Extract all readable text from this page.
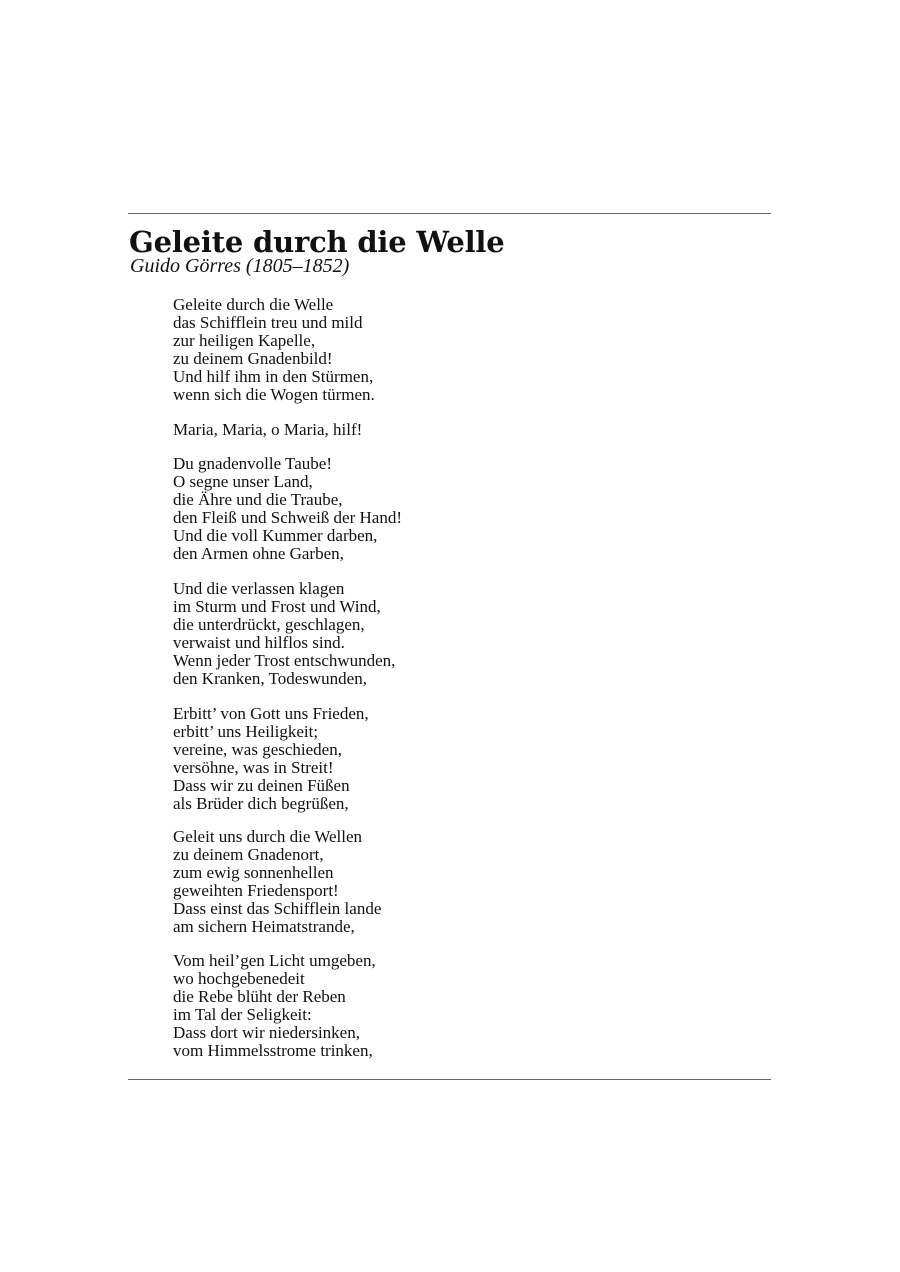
Geleite durch die Welle
Guido Görres (1805–1852)
Geleite durch die Welle
das Schifflein treu und mild
zur heiligen Kapelle,
zu deinem Gnadenbild!
Und hilf ihm in den Stürmen,
wenn sich die Wogen türmen.
Maria, Maria, o Maria, hilf!
Du gnadenvolle Taube!
O segne unser Land,
die Ähre und die Traube,
den Fleiß und Schweiß der Hand!
Und die voll Kummer darben,
den Armen ohne Garben,
Und die verlassen klagen
im Sturm und Frost und Wind,
die unterdrückt, geschlagen,
verwaist und hilflos sind.
Wenn jeder Trost entschwunden,
den Kranken, Todeswunden,
Erbitt’ von Gott uns Frieden,
erbitt’ uns Heiligkeit;
vereine, was geschieden,
versöhne, was in Streit!
Dass wir zu deinen Füßen
als Brüder dich begrüßen,
Geleit uns durch die Wellen
zu deinem Gnadenort,
zum ewig sonnenhellen
geweihten Friedensport!
Dass einst das Schifflein lande
am sichern Heimatstrande,
Vom heil’gen Licht umgeben,
wo hochgebenedeit
die Rebe blüht der Reben
im Tal der Seligkeit:
Dass dort wir niedersinken,
vom Himmelsstrome trinken,
